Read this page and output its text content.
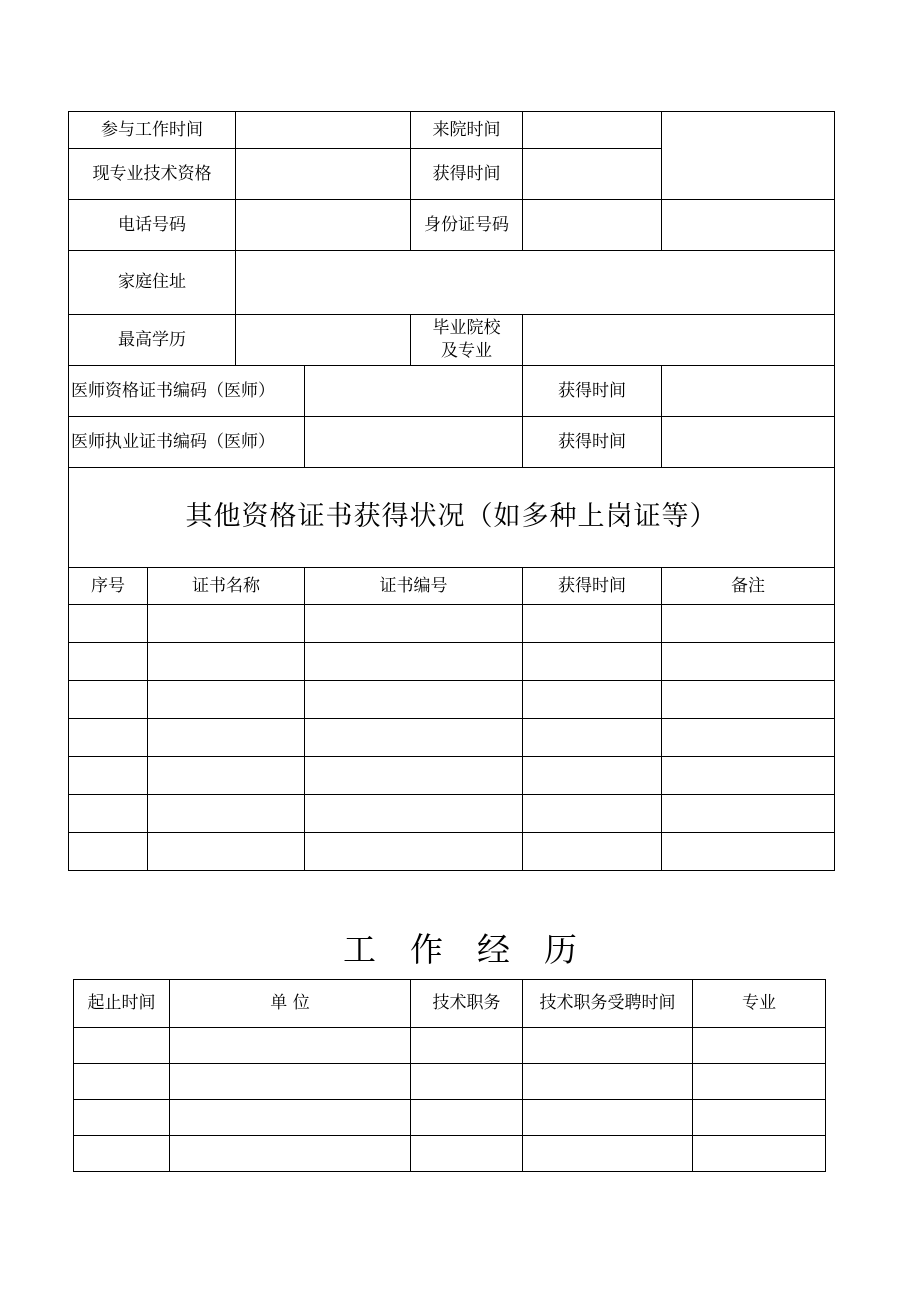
参与工作时间				来院时间		
现专业技术资格				获得时间		
电话号码				身份证号码		
家庭住址						
最高学历				毕业院校
及专业		
医师资格证书编码（医师）					获得时间	
医师执业证书编码（医师）					获得时间	
其他资格证书获得状况（如多种上岗证等）						
序号	证书名称		证书编号		获得时间	备注

工作经历
起止时间	单 位	技术职务	技术职务受聘时间	专业
